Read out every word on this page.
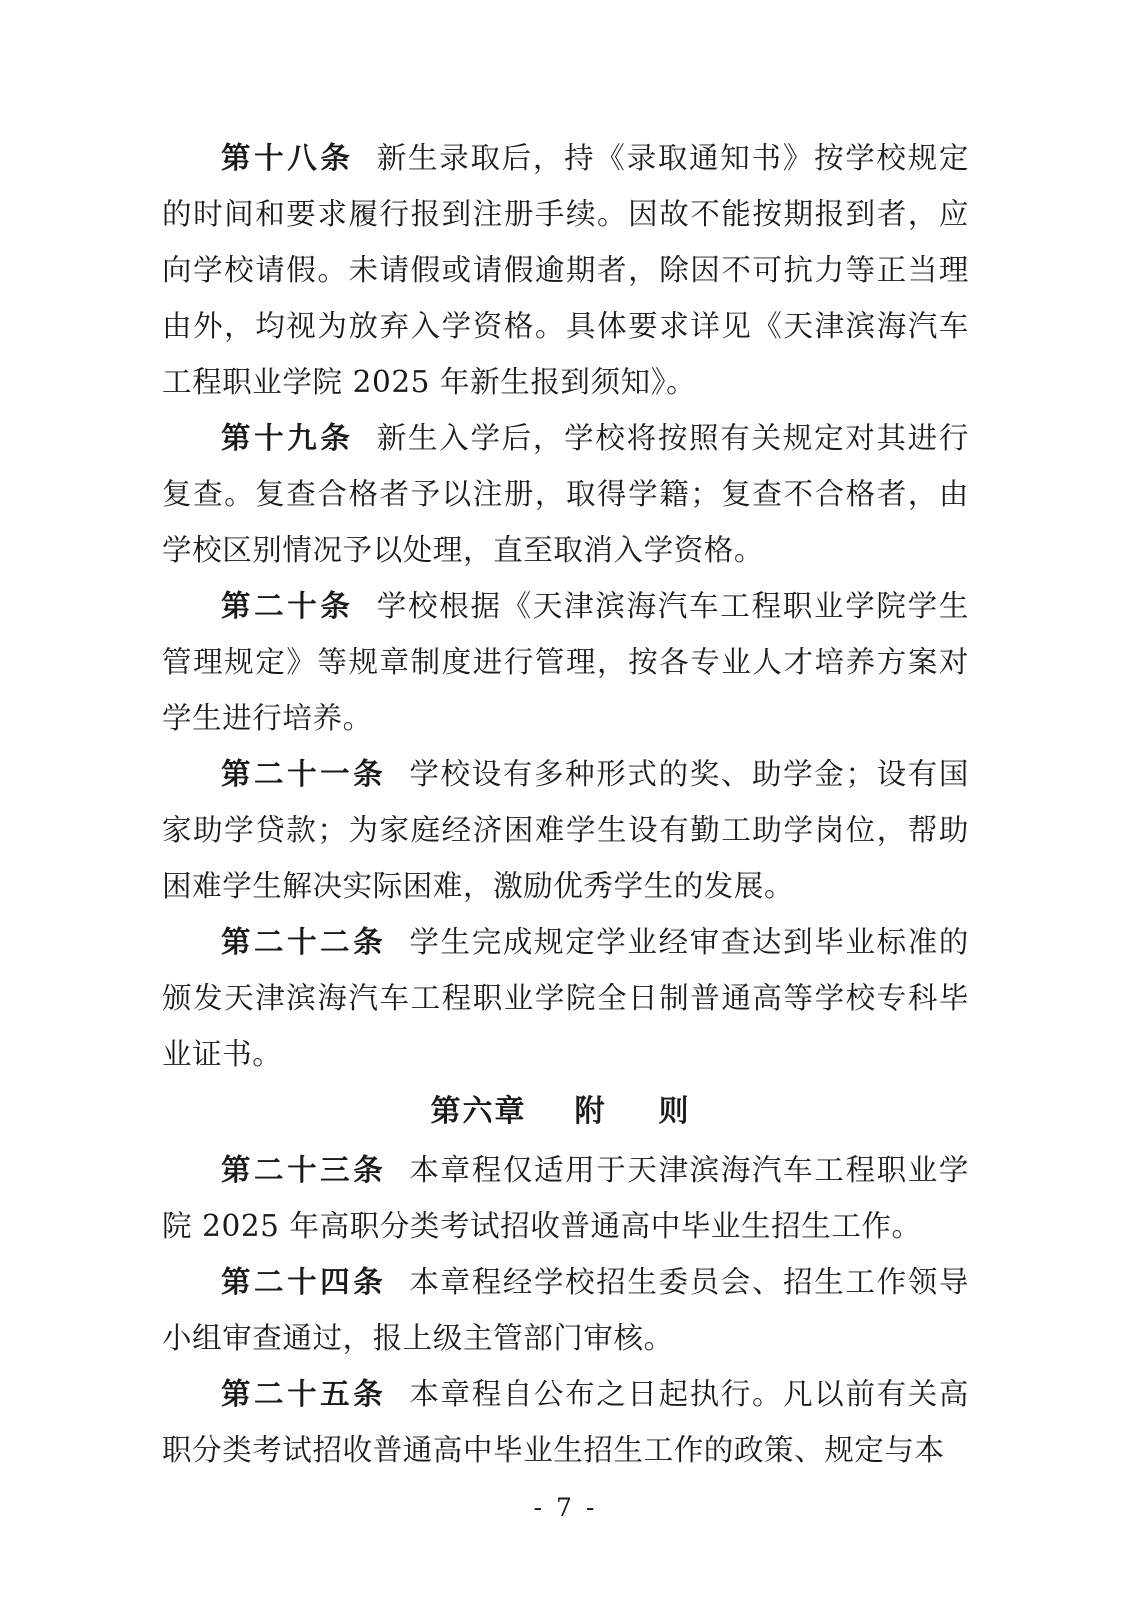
第十八条 新生录取后，持《录取通知书》按学校规定的时间和要求履行报到注册手续。因故不能按期报到者，应向学校请假。未请假或请假逾期者，除因不可抗力等正当理由外，均视为放弃入学资格。具体要求详见《天津滨海汽车工程职业学院 2025 年新生报到须知》。

第十九条 新生入学后，学校将按照有关规定对其进行复查。复查合格者予以注册，取得学籍；复查不合格者，由学校区别情况予以处理，直至取消入学资格。

第二十条 学校根据《天津滨海汽车工程职业学院学生管理规定》等规章制度进行管理，按各专业人才培养方案对学生进行培养。

第二十一条 学校设有多种形式的奖、助学金；设有国家助学贷款；为家庭经济困难学生设有勤工助学岗位，帮助困难学生解决实际困难，激励优秀学生的发展。

第二十二条 学生完成规定学业经审查达到毕业标准的颁发天津滨海汽车工程职业学院全日制普通高等学校专科毕业证书。

第六章 附　则

第二十三条 本章程仅适用于天津滨海汽车工程职业学院 2025 年高职分类考试招收普通高中毕业生招生工作。

第二十四条 本章程经学校招生委员会、招生工作领导小组审查通过，报上级主管部门审核。

第二十五条 本章程自公布之日起执行。凡以前有关高职分类考试招收普通高中毕业生招生工作的政策、规定与本

- 7 -
